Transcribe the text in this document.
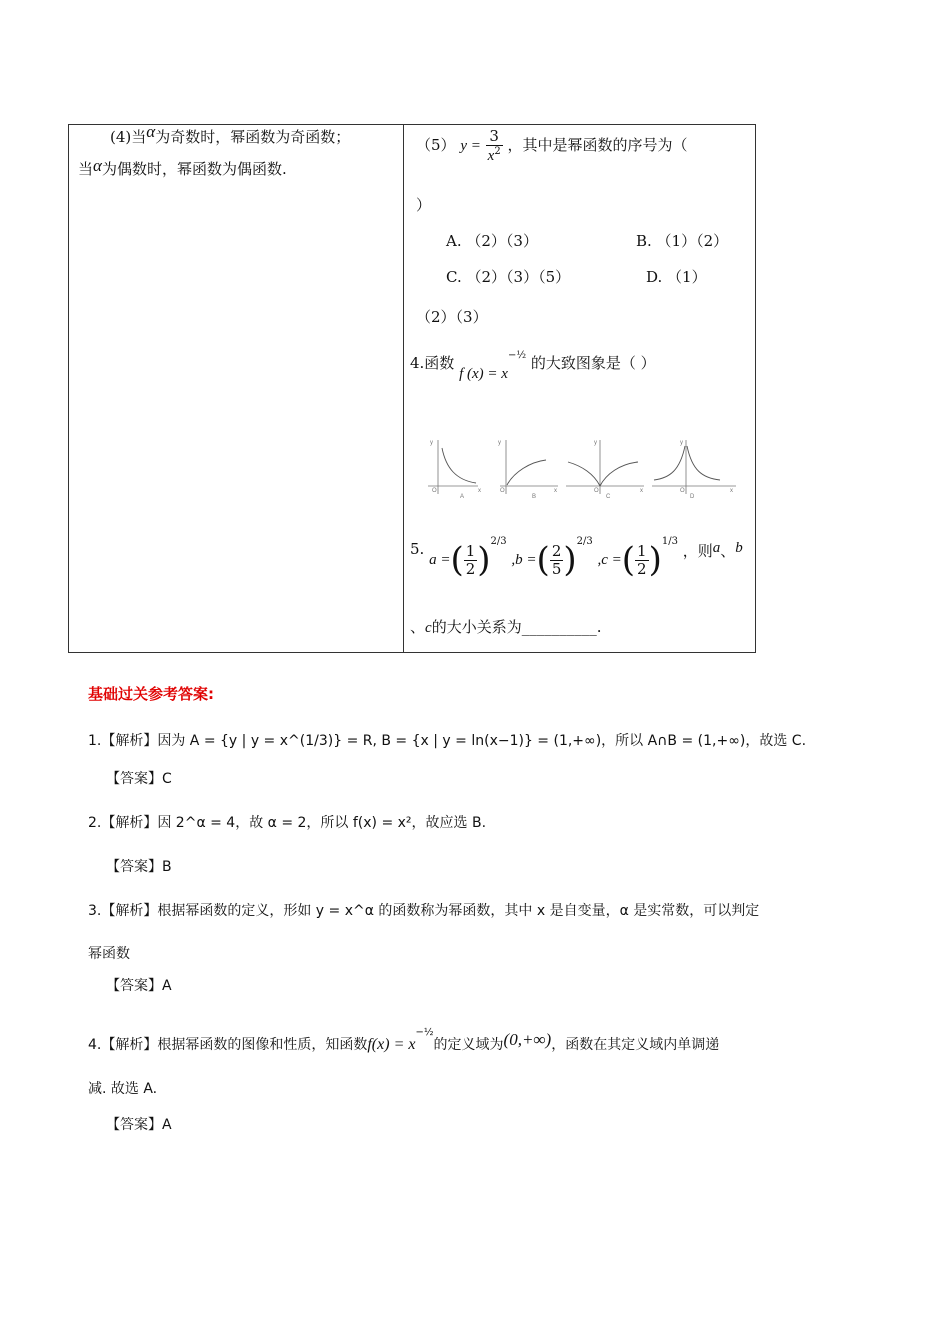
(4)当α为奇数时，幂函数为奇函数；
当α为偶数时，幂函数为偶函数.
（5） $y = \frac{3}{x^2}$ ，其中是幂函数的序号为（
）
A. （2）（3）	B. （1）（2）
C. （2）（3）（5）	D. （1）
（2）（3）
4.函数 f $(x) = x^{-\frac{1}{2}}$ 的大致图象是（ ）
y
O	x
A
y
O	x
B
y
O	x
C
y
O	x
D
5. a =( $\frac{1}{2} )^{2/3}$ ,b =( $\frac{2}{5} )^{2/3}$ ,c =( $\frac{1}{2} )^{1/3}$ ，则a、b
、c的大小关系为__________.
基础过关参考答案:
1.【解析】因为 A = {y | y = x^(1/3)} = R, B = {x | y = ln(x−1)} = (1,+∞)，所以 A∩B = (1,+∞)，故选 C.
【答案】C
2.【解析】因 2^α = 4，故 α = 2，所以 f(x) = x²，故应选 B.
【答案】B
3.【解析】根据幂函数的定义，形如 y = x^α 的函数称为幂函数，其中 x 是自变量，α 是实常数，可以判定
幂函数
【答案】A
4.【解析】根据幂函数的图像和性质，知函数$f(x) = x^{-\frac{1}{2}}$的定义域为(0,+∞)，函数在其定义域内单调递
减. 故选 A.
【答案】A
